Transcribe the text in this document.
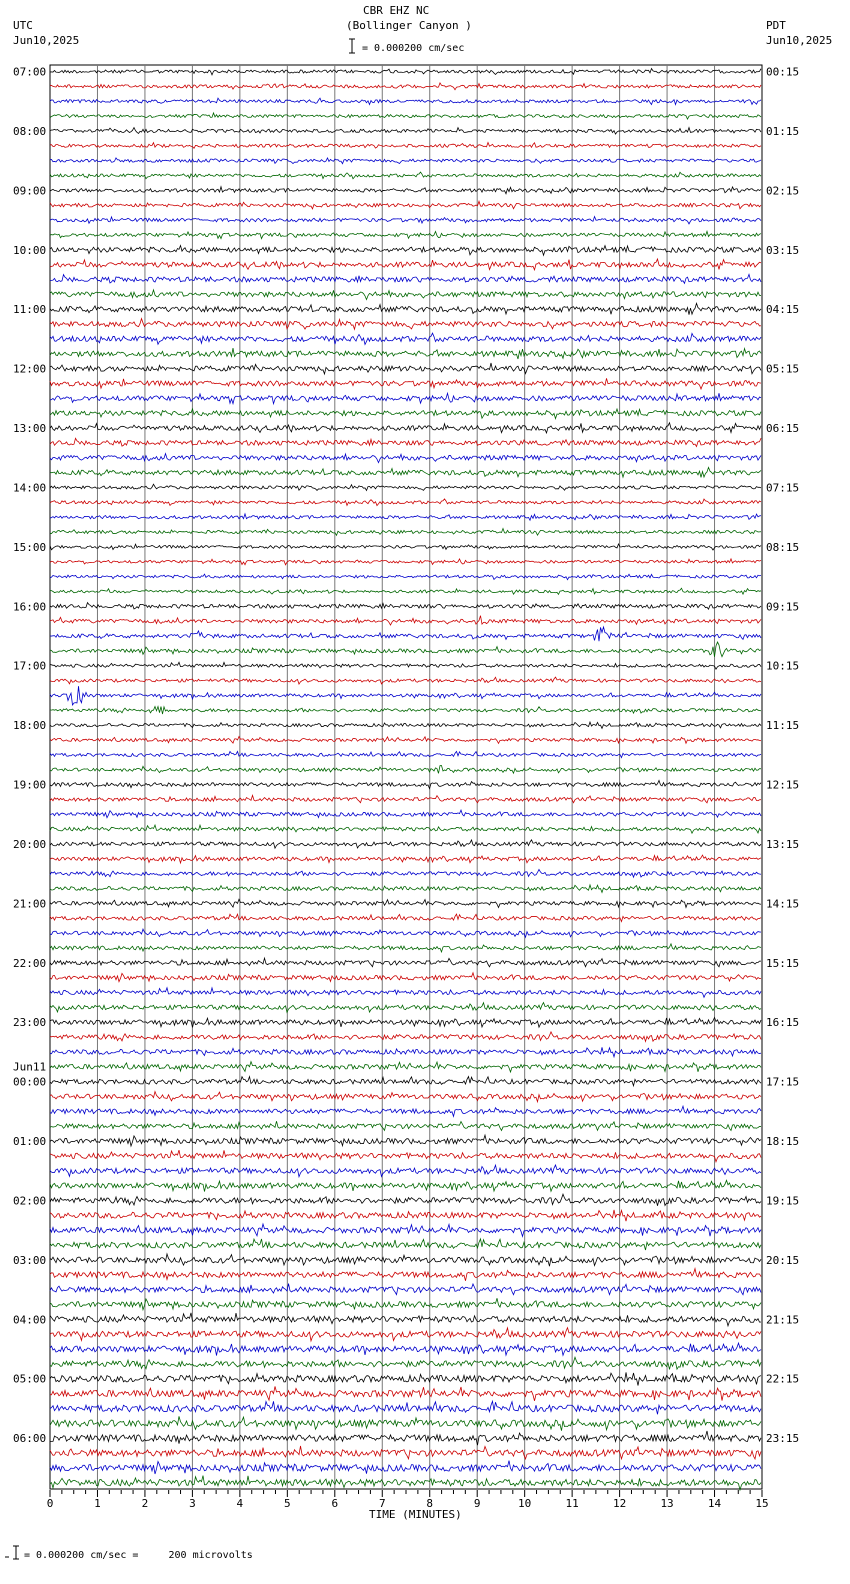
CBR EHZ NC
(Bollinger Canyon )
= 0.000200 cm/sec
UTC
Jun10,2025
PDT
Jun10,2025
07:00
08:00
09:00
10:00
11:00
12:00
13:00
14:00
15:00
16:00
17:00
18:00
19:00
20:00
21:00
22:00
23:00
00:00
Jun11
01:00
02:00
03:00
04:00
05:00
06:00
00:15
01:15
02:15
03:15
04:15
05:15
06:15
07:15
08:15
09:15
10:15
11:15
12:15
13:15
14:15
15:15
16:15
17:15
18:15
19:15
20:15
21:15
22:15
23:15
0	1	2	3	4	5	6	7	8	9	10	11	12	13	14	15
TIME (MINUTES)
= 0.000200 cm/sec =     200 microvolts
